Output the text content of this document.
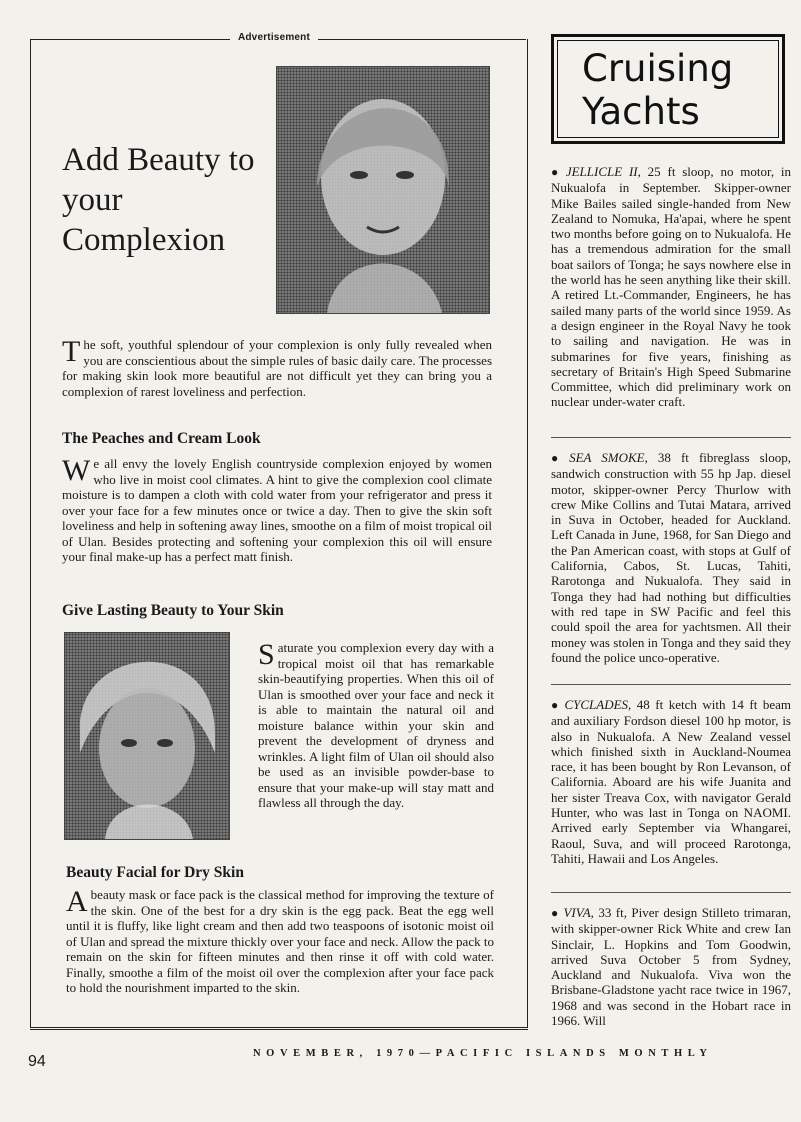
Advertisement
Add Beauty to your Complexion
The soft, youthful splendour of your complexion is only fully revealed when you are conscientious about the simple rules of basic daily care. The processes for making skin look more beautiful are not difficult yet they can bring you a complexion of rarest loveliness and perfection.
The Peaches and Cream Look
We all envy the lovely English countryside complexion enjoyed by women who live in moist cool climates. A hint to give the complexion cool climate moisture is to dampen a cloth with cold water from your refrigerator and press it over your face for a few minutes once or twice a day. Then to give the skin soft loveliness and help in softening away lines, smoothe on a film of moist tropical oil of Ulan. Besides protecting and softening your complexion this oil will ensure your final make-up has a perfect matt finish.
Give Lasting Beauty to Your Skin
Saturate you complexion every day with a tropical moist oil that has remarkable skin-beautifying properties. When this oil of Ulan is smoothed over your face and neck it is able to maintain the natural oil and moisture balance within your skin and prevent the development of dryness and wrinkles. A light film of Ulan oil should also be used as an invisible powder-base to ensure that your make-up will stay matt and flawless all through the day.
Beauty Facial for Dry Skin
A beauty mask or face pack is the classical method for improving the texture of the skin. One of the best for a dry skin is the egg pack. Beat the egg well until it is fluffy, like light cream and then add two teaspoons of isotonic moist oil of Ulan and spread the mixture thickly over your face and neck. Allow the pack to remain on the skin for fifteen minutes and then rinse it off with cold water. Finally, smoothe a film of the moist oil over the complexion after your face pack to hold the nourishment imparted to the skin.
Cruising Yachts
● JELLICLE II, 25 ft sloop, no motor, in Nukualofa in September. Skipper-owner Mike Bailes sailed single-handed from New Zealand to Nomuka, Ha'apai, where he spent two months before going on to Nukualofa. He has a tremendous admiration for the small boat sailors of Tonga; he says nowhere else in the world has he seen anything like their skill. A retired Lt.-Commander, Engineers, he has sailed many parts of the world since 1959. As a design engineer in the Royal Navy he took to sailing and navigation. He was in submarines for five years, finishing as secretary of Britain's High Speed Submarine Committee, which did preliminary work on nuclear under-water craft.
● SEA SMOKE, 38 ft fibreglass sloop, sandwich construction with 55 hp Jap. diesel motor, skipper-owner Percy Thurlow with crew Mike Collins and Tutai Matara, arrived in Suva in October, headed for Auckland. Left Canada in June, 1968, for San Diego and the Pan American coast, with stops at Gulf of California, Cabos, St. Lucas, Tahiti, Rarotonga and Nukualofa. They said in Tonga they had had nothing but difficulties with red tape in SW Pacific and feel this could spoil the area for yachtsmen. All their money was stolen in Tonga and they said they found the police unco-operative.
● CYCLADES, 48 ft ketch with 14 ft beam and auxiliary Fordson diesel 100 hp motor, is also in Nukualofa. A New Zealand vessel which finished sixth in Auckland-Noumea race, it has been bought by Ron Levanson, of California. Aboard are his wife Juanita and her sister Treava Cox, with navigator Gerald Hunter, who was last in Tonga on NAOMI. Arrived early September via Whangarei, Raoul, Suva, and will proceed Rarotonga, Tahiti, Hawaii and Los Angeles.
● VIVA, 33 ft, Piver design Stilleto trimaran, with skipper-owner Rick White and crew Ian Sinclair, L. Hopkins and Tom Goodwin, arrived Suva October 5 from Sydney, Auckland and Nukualofa. Viva won the Brisbane-Gladstone yacht race twice in 1967, 1968 and was second in the Hobart race in 1966. Will
94	NOVEMBER, 1970—PACIFIC ISLANDS MONTHLY
